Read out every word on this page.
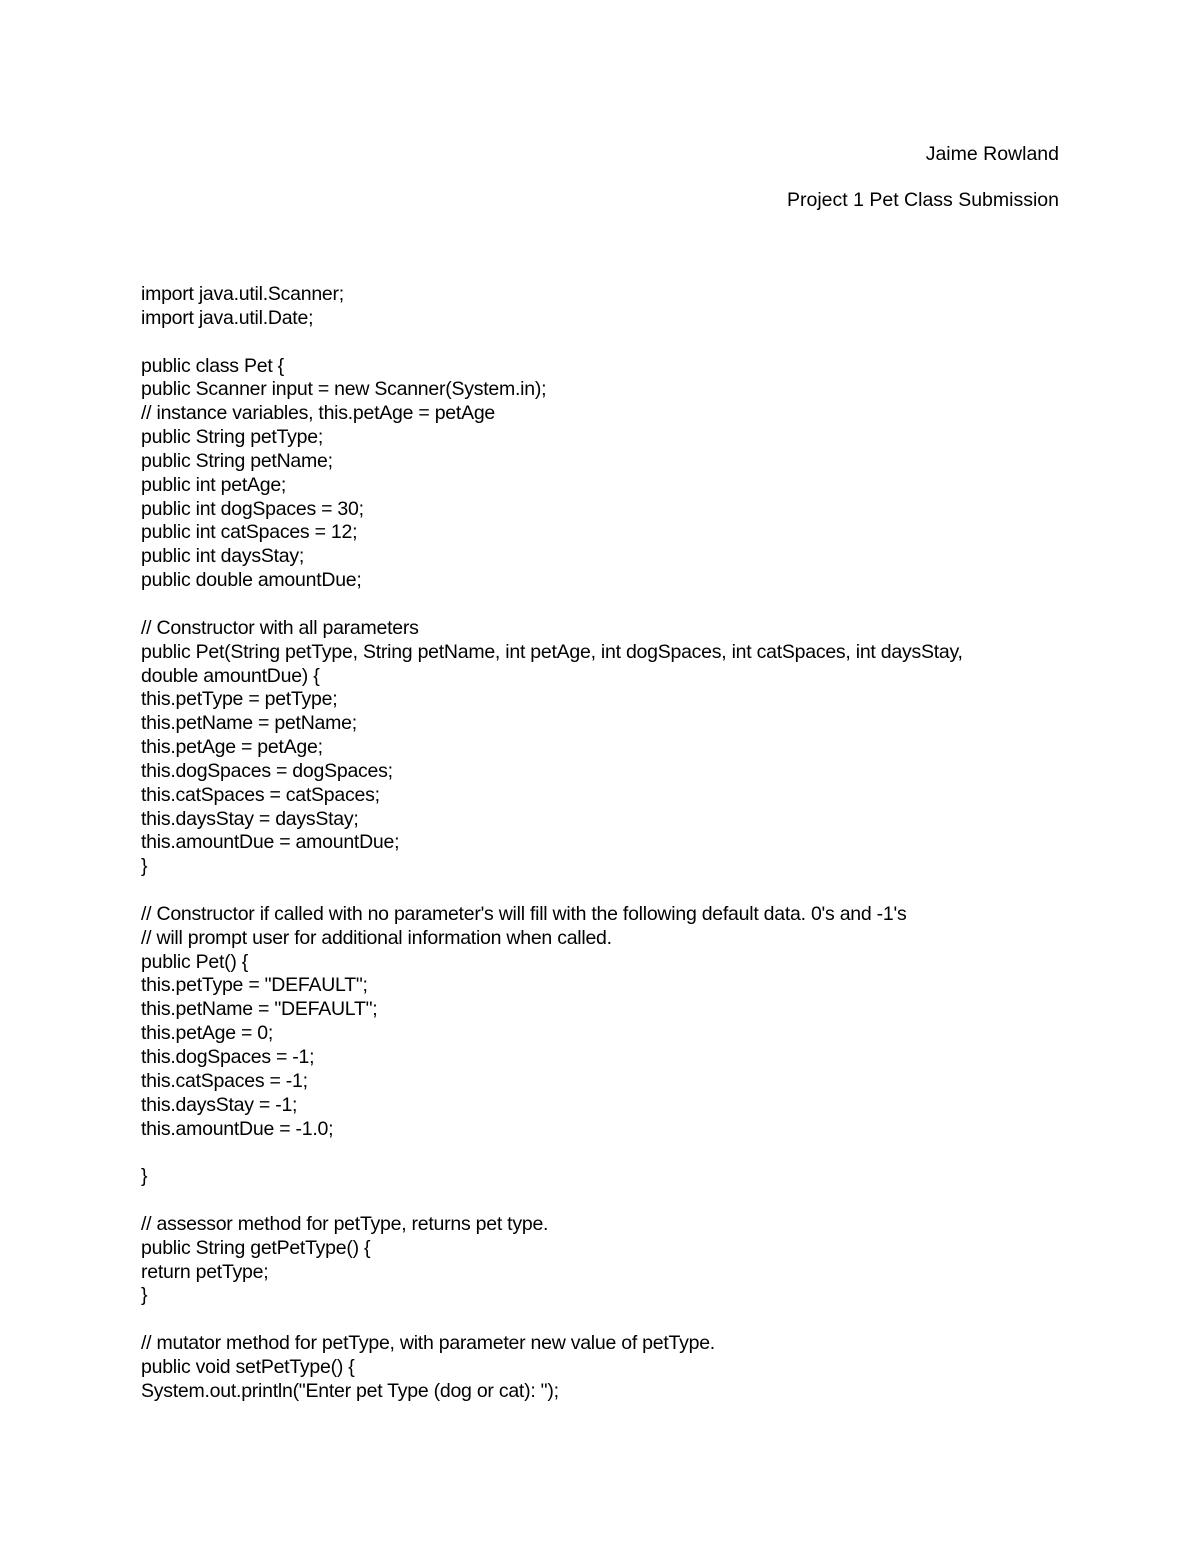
Jaime Rowland
Project 1 Pet Class Submission
import java.util.Scanner;
import java.util.Date;
public class Pet {
public Scanner input = new Scanner(System.in);
// instance variables, this.petAge = petAge
public String petType;
public String petName;
public int petAge;
public int dogSpaces = 30;
public int catSpaces = 12;
public int daysStay;
public double amountDue;
// Constructor with all parameters
public Pet(String petType, String petName, int petAge, int dogSpaces, int catSpaces, int daysStay,
double amountDue) {
this.petType = petType;
this.petName = petName;
this.petAge = petAge;
this.dogSpaces = dogSpaces;
this.catSpaces = catSpaces;
this.daysStay = daysStay;
this.amountDue = amountDue;
}
// Constructor if called with no parameter's will fill with the following default data. 0's and -1's
// will prompt user for additional information when called.
public Pet() {
this.petType = "DEFAULT";
this.petName = "DEFAULT";
this.petAge = 0;
this.dogSpaces = -1;
this.catSpaces = -1;
this.daysStay = -1;
this.amountDue = -1.0;
}
// assessor method for petType, returns pet type.
public String getPetType() {
return petType;
}
// mutator method for petType, with parameter new value of petType.
public void setPetType() {
System.out.println("Enter pet Type (dog or cat): ");
